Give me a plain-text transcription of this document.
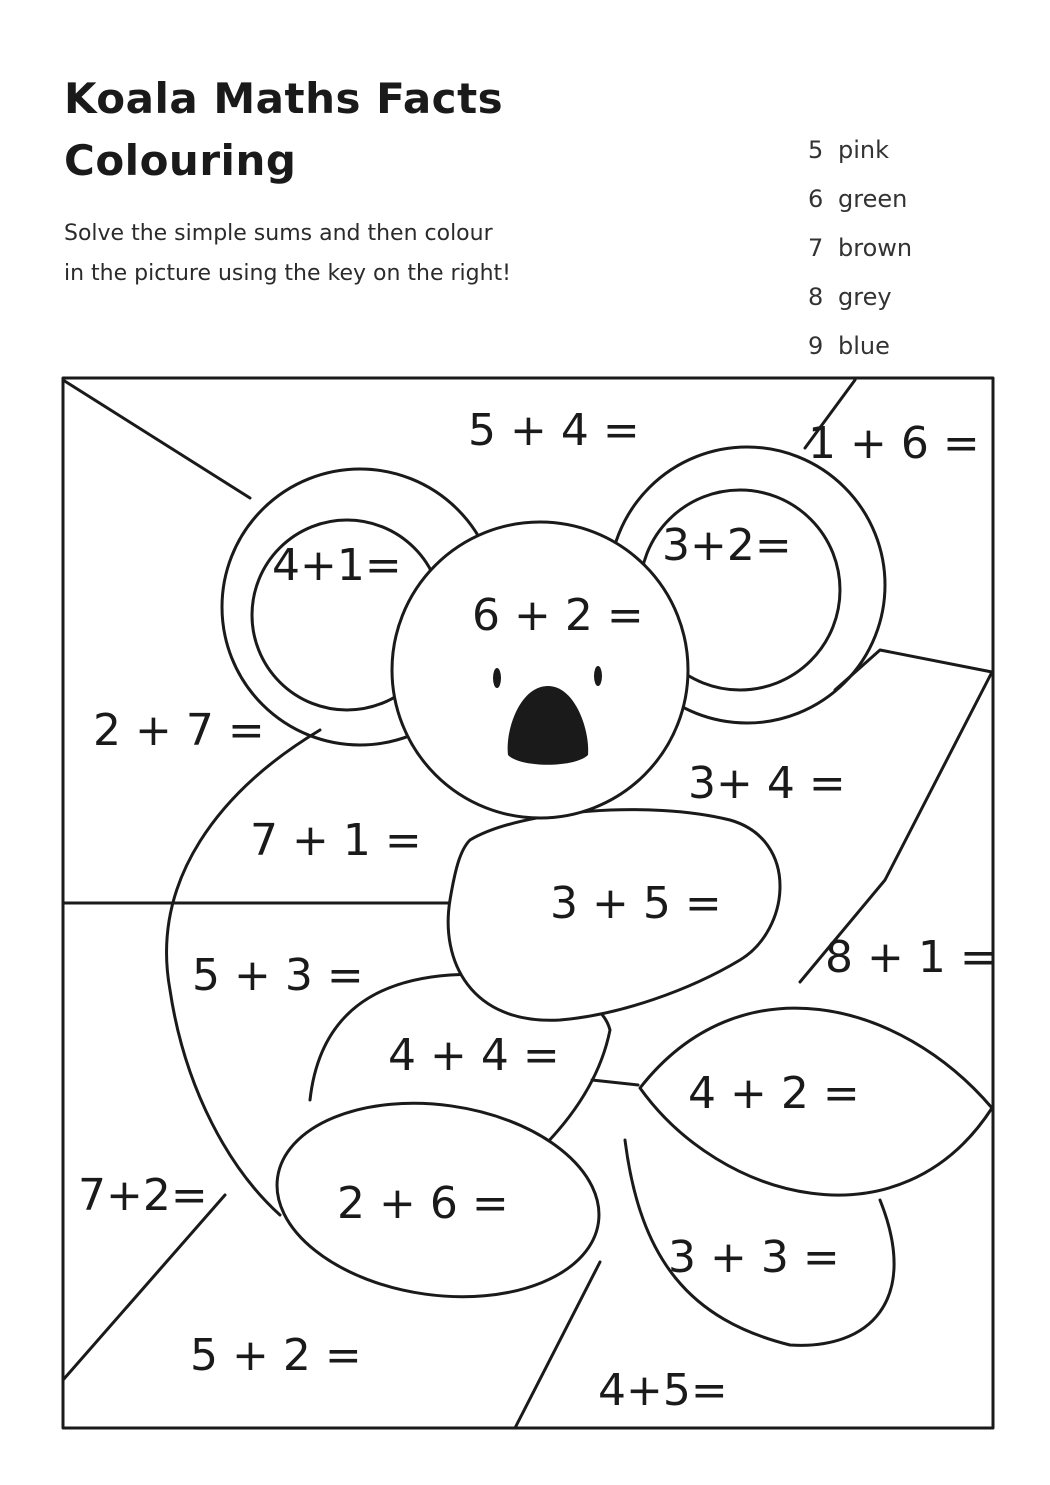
Koala Maths Facts
Colouring
Solve the simple sums and then colour
in the picture using the key on the right!
5 pink
6 green
7 brown
8 grey
9 blue
5 + 4 =	1 + 6 =
4+1=	3+2=
6 + 2 =
2 + 7 =
3+ 4 =
7 + 1 =
3 + 5 =
8 + 1 =
5 + 3 =
4 + 4 =
4 + 2 =
7+2=	2 + 6 =
3 + 3 =
5 + 2 =
4+5=
